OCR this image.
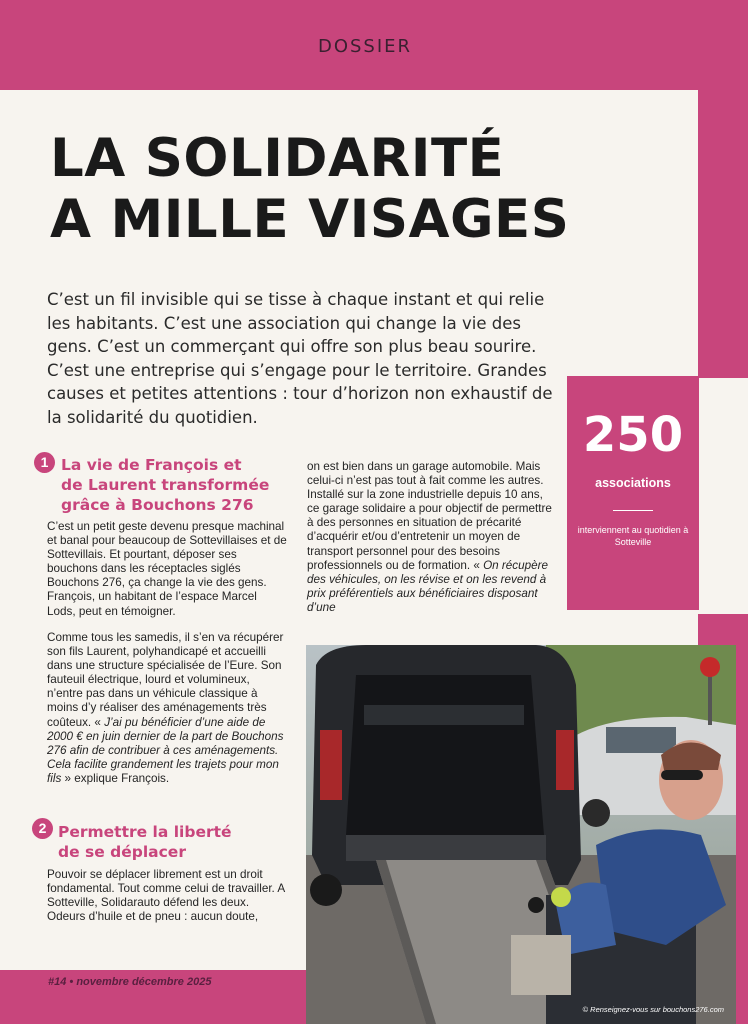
DOSSIER
LA SOLIDARITÉ
A MILLE VISAGES

C’est un fil invisible qui se tisse à chaque instant et qui relie les habitants. C’est une association qui change la vie des gens. C’est un commerçant qui offre son plus beau sourire. C’est une entreprise qui s’engage pour le territoire. Grandes causes et petites attentions : tour d’horizon non exhaustif de la solidarité du quotidien.	250
associations
interviennent au quotidien à Sotteville
1 La vie de François et
de Laurent transformée
grâce à Bouchons 276

C’est un petit geste devenu presque machinal et banal pour beaucoup de Sottevillaises et de Sottevillais. Et pourtant, déposer ses bouchons dans les réceptacles siglés Bouchons 276, ça change la vie des gens. François, un habitant de l’espace Marcel Lods, peut en témoigner.

Comme tous les samedis, il s’en va récupérer son fils Laurent, polyhandicapé et accueilli dans une structure spécialisée de l’Eure. Son fauteuil électrique, lourd et volumineux, n’entre pas dans un véhicule classique à moins d’y réaliser des aménagements très coûteux. « J’ai pu bénéficier d’une aide de 2000 € en juin dernier de la part de Bouchons 276 afin de contribuer à ces aménagements. Cela facilite grandement les trajets pour mon fils » explique François.

2 Permettre la liberté
de se déplacer

Pouvoir se déplacer librement est un droit fondamental. Tout comme celui de travailler. A Sotteville, Solidarauto défend les deux. Odeurs d’huile et de pneu : aucun doute,

on est bien dans un garage automobile. Mais celui-ci n’est pas tout à fait comme les autres. Installé sur la zone industrielle depuis 10 ans, ce garage solidaire a pour objectif de permettre à des personnes en situation de précarité d’acquérir et/ou d’entretenir un moyen de transport personnel pour des besoins professionnels ou de formation. « On récupère des véhicules, on les révise et on les revend à prix préférentiels aux bénéficiaires disposant d’une

© Renseignez-vous sur bouchons276.com
#14 • novembre décembre 2025
